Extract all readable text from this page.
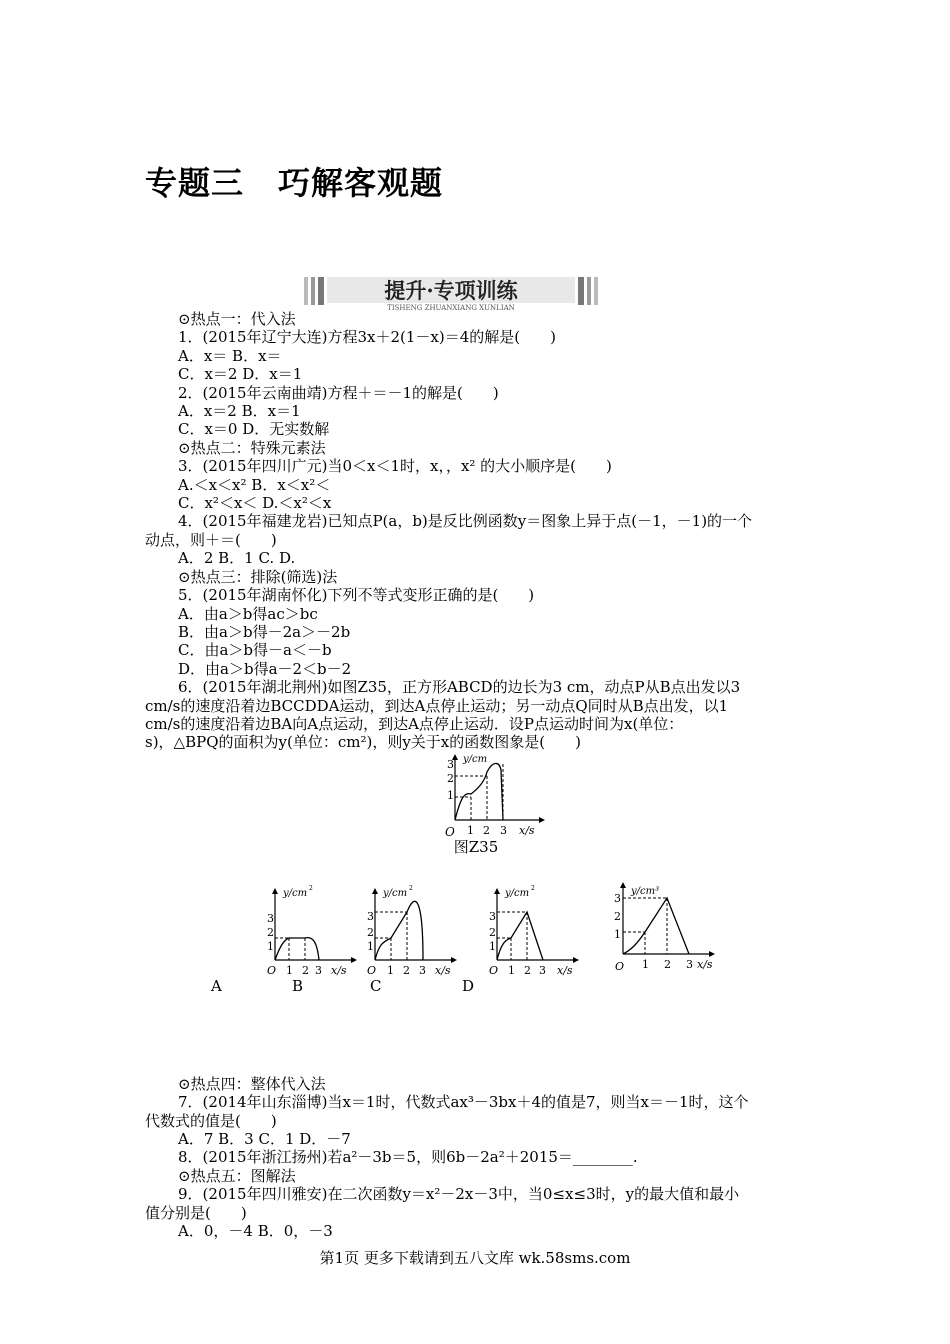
专题三 巧解客观题
提升·专项训练
TISHENG ZHUANXIANG XUNLIAN
⊙热点一：代入法
1．(2015年辽宁大连)方程3x＋2(1－x)＝4的解是(　　)
A．x＝ B．x＝
C．x＝2 D．x＝1
2．(2015年云南曲靖)方程＋＝－1的解是(　　)
A．x＝2 B．x＝1
C．x＝0 D．无实数解
⊙热点二：特殊元素法
3．(2015年四川广元)当0＜x＜1时，x，，x² 的大小顺序是(　　)
A.＜x＜x² B．x＜x²＜
C．x²＜x＜ D.＜x²＜x
4．(2015年福建龙岩)已知点P(a，b)是反比例函数y＝图象上异于点(－1，－1)的一个
动点，则＋＝(　　)
A．2 B．1 C. D.
⊙热点三：排除(筛选)法
5．(2015年湖南怀化)下列不等式变形正确的是(　　)
A．由a＞b得ac＞bc
B．由a＞b得－2a＞－2b
C．由a＞b得－a＜－b
D．由a＞b得a－2＜b－2
6．(2015年湖北荆州)如图Z35，正方形ABCD的边长为3 cm，动点P从B点出发以3
cm/s的速度沿着边BCCDDA运动，到达A点停止运动；另一动点Q同时从B点出发，以1
cm/s的速度沿着边BA向A点运动，到达A点停止运动．设P点运动时间为x(单位：
s)，△BPQ的面积为y(单位：cm²)，则y关于x的函数图象是(　　)
O
1
2
3
1 2 3 x/s
y/cm
图Z35
O
1
2
3
1 2 3 x/s
y/cm 2
O
1
2
3
1 2 3 x/s
y/cm 2
O
1
2
3
1 2 3 x/s
y/cm 2
O
1
2
3
1 2 3 x/s
y/cm³
A	B	C	D
⊙热点四：整体代入法
7．(2014年山东淄博)当x＝1时，代数式ax³－3bx＋4的值是7，则当x＝－1时，这个
代数式的值是(　　)
A．7 B．3 C．1 D．－7
8．(2015年浙江扬州)若a²－3b＝5，则6b－2a²＋2015＝________.
⊙热点五：图解法
9．(2015年四川雅安)在二次函数y＝x²－2x－3中，当0≤x≤3时，y的最大值和最小
值分别是(　　)
A．0，－4 B．0，－3
第1页 更多下载请到五八文库 wk.58sms.com
